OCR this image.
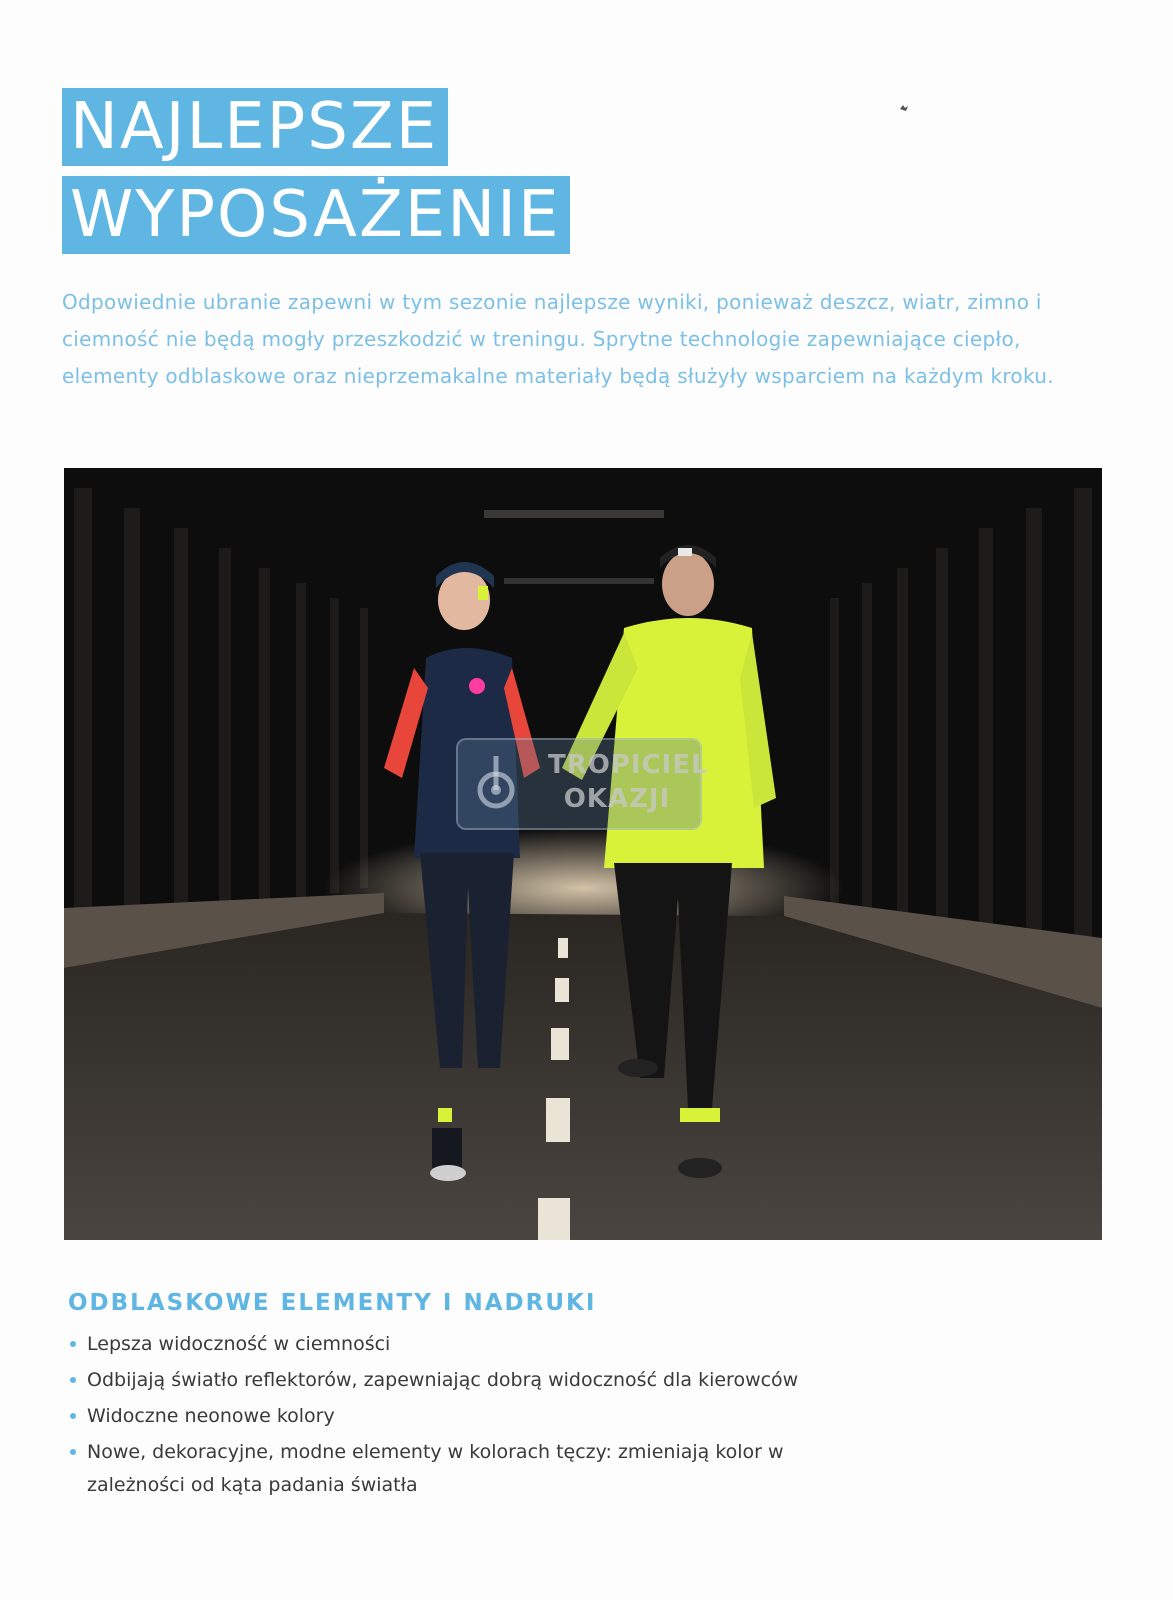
NAJLEPSZE
WYPOSAŻENIE

Odpowiednie ubranie zapewni w tym sezonie najlepsze wyniki, ponieważ deszcz, wiatr, zimno i ciemność nie będą mogły przeszkodzić w treningu. Sprytne technologie zapewniające ciepło, elementy odblaskowe oraz nieprzemakalne materiały będą służyły wsparciem na każdym kroku.

TROPICIEL
OKAZJI
ODBLASKOWE ELEMENTY I NADRUKI
Lepsza widoczność w ciemności
Odbijają światło reflektorów, zapewniając dobrą widoczność dla kierowców
Widoczne neonowe kolory
Nowe, dekoracyjne, modne elementy w kolorach tęczy: zmieniają kolor w zależności od kąta padania światła
